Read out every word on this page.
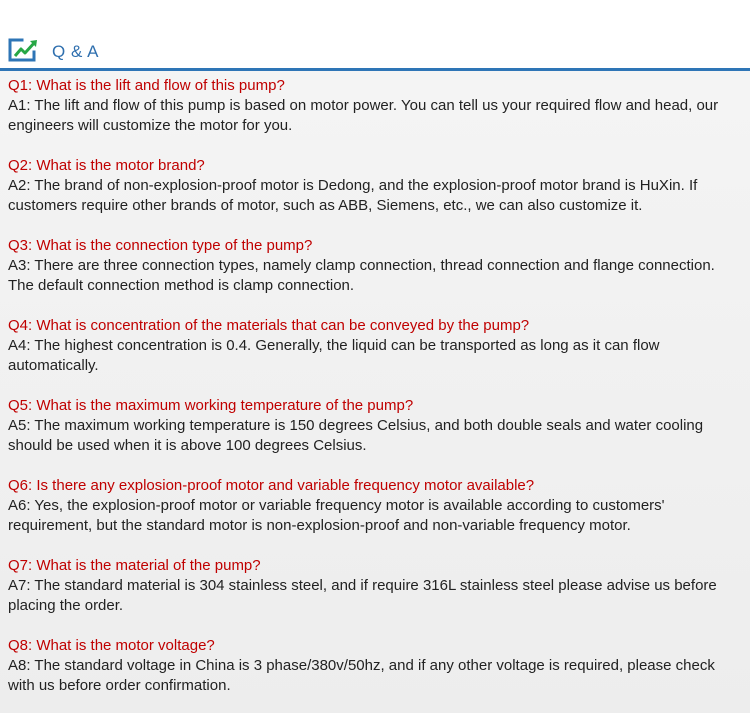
Q & A
Q1: What is the lift and flow of this pump?
A1: The lift and flow of this pump is based on motor power. You can tell us your required flow and head, our engineers will customize the motor for you.
Q2: What is the motor brand?
A2: The brand of non-explosion-proof motor is Dedong, and the explosion-proof motor brand is HuXin. If customers require other brands of motor, such as ABB, Siemens, etc., we can also customize it.
Q3: What is the connection type of the pump?
A3: There are three connection types, namely clamp connection, thread connection and flange connection. The default connection method is clamp connection.
Q4: What is concentration of the materials that can be conveyed by the pump?
A4: The highest concentration is 0.4. Generally, the liquid can be transported as long as it can flow automatically.
Q5: What is the maximum working temperature of the pump?
A5: The maximum working temperature is 150 degrees Celsius, and both double seals and water cooling should be used when it is above 100 degrees Celsius.
Q6: Is there any explosion-proof motor and variable frequency motor available?
A6: Yes, the explosion-proof motor or variable frequency motor is available according to customers' requirement, but the standard motor is non-explosion-proof and non-variable frequency motor.
Q7: What is the material of the pump?
A7: The standard material is 304 stainless steel, and if require 316L stainless steel please advise us before placing the order.
Q8: What is the motor voltage?
A8: The standard voltage in China is 3 phase/380v/50hz, and if any other voltage is required, please check with us before order confirmation.
